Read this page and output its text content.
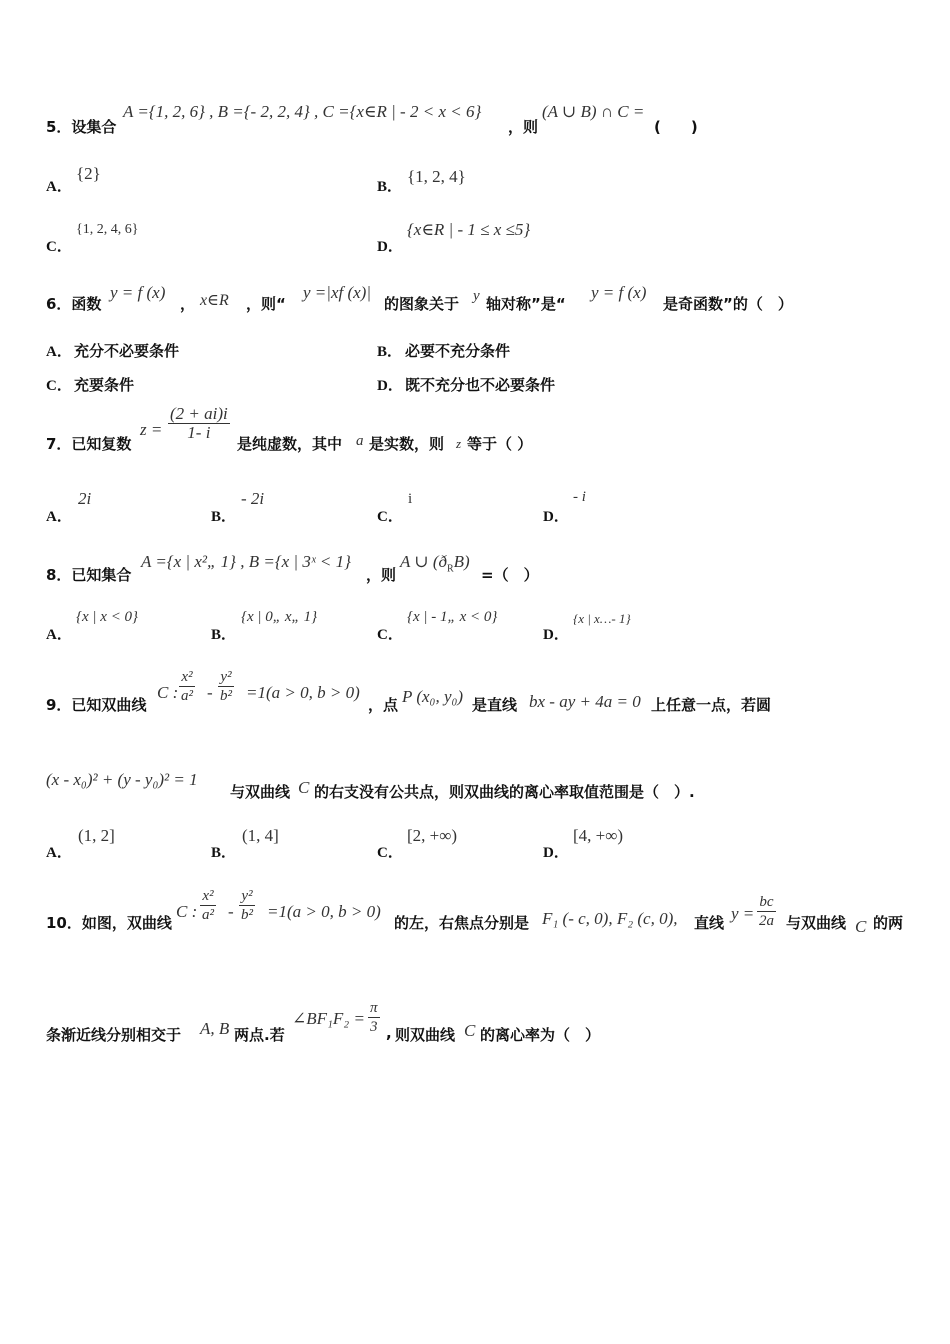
5．设集合
A ={1, 2, 6} , B ={- 2, 2, 4} , C ={x∈R | - 2 < x < 6}
，则
(A ∪ B) ∩ C =
(　　)
A．
{2}
B．
{1, 2, 4}
C．
{1, 2, 4, 6}
D．
{x∈R | - 1 ≤ x ≤5}
6．函数
y = f (x)
， x∈R ，则“
y =|xf (x)|
的图象关于 y 轴对称”是“
y = f (x)
是奇函数”的（　）
A． 充分不必要条件	B． 必要不充分条件
C． 充要条件	D． 既不充分也不必要条件
7．已知复数
$z = \frac{(2 + ai)i}{1- i}$
是纯虚数，其中 a 是实数，则 z 等于（ ）
A．
2i
B．
- 2i
C．
i
D．
- i
8．已知集合
A ={x | x²„ 1} , B ={x | 3ˣ < 1}
，则
A ∪ $(ð_RB)$
=（　）
A．
{x | x < 0}
B．
{x | 0„ x„ 1}
C．
{x | - 1„ x < 0}
D．
{x | x…- 1}
9．已知双曲线
C : $\frac{\text{x²}}{\text{a²}} - \frac{\text{y²}}{\text{b²}} =1(a > 0$, b > 0)
，点 P (x₀, y₀) 是直线 bx - ay + 4a = 0 上任意一点，若圆
(x - x₀)² + (y - y₀)² = 1
与双曲线 C 的右支没有公共点，则双曲线的离心率取值范围是（　）.
A．
(1, 2]
B．
(1, 4]
C．
[2, +∞)
D．
[4, +∞)
10．如图，双曲线
C : $\frac{\text{x²}}{\text{a²}} - \frac{\text{y²}}{\text{b²}} =1(a > 0$, b > 0)
的左，右焦点分别是 F₁ (- c, 0), F₂ (c, 0), 直线 $y = \frac{bc}{2a}$ 与双曲线 C 的两
条渐近线分别相交于 A, B 两点.若
∠BF₁F₂ = $\frac{\pi}{3}$ , 则双曲线 C 的离心率为（　）
